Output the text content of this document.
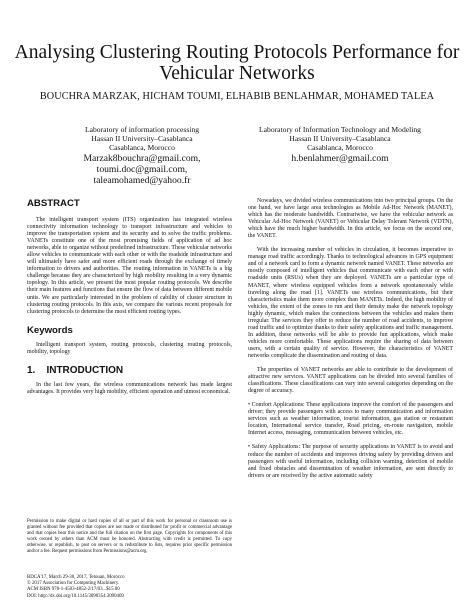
Analysing Clustering Routing Protocols Performance for
Vehicular Networks
BOUCHRA MARZAK, HICHAM TOUMI, ELHABIB BENLAHMAR, MOHAMED TALEA
Laboratory of information processing
Hassan II University–Casablanca
Casablanca, Morocco
Marzak8bouchra@gmail.com,
toumi.doc@gmail.com,
taleamohamed@yahoo.fr
Laboratory of Information Technology and Modeling
Hassan II University–Casablanca
Casablanca, Morocco
h.benlahmer@gmail.com
ABSTRACT

The intelligent transport system (ITS) organization has integrated wireless connectivity information technology to transport infrastructure and vehicles to improve the transportation system and its security and to solve the traffic problems. VANETs constitute one of the most promising fields of application of ad hoc networks, able to organize without predefined infrastructure. These vehicular networks allow vehicles to communicate with each other or with the roadside infrastructure and will ultimately have safer and more efficient roads through the exchange of timely information to drivers and authorities. The routing information in VANETs is a big challenge because they are characterized by high mobility resulting in a very dynamic topology. In this article, we present the most popular routing protocols. We describe their main features and functions that ensure the flow of data between different mobile units. We are particularly interested in the problem of cability of cluster structure in clustering routing protocols. In this axis, we compare the various recent proposals for clustering protocols to determine the most efficient routing types.

Keywords

Intelligent transport system, routing protocols, clustering routing protocols, mobility, topology

1.    INTRODUCTION

In the last few years, the wireless communications network has made largest advantages. It provides very high mobility, efficient operation and utmost economical.

Permission to make digital or hard copies of all or part of this work for personal or classroom use is granted without fee provided that copies are not made or distributed for profit or commercial advantage and that copies bear this notice and the full citation on the first page. Copyrights for components of this work owned by others than ACM must be honored. Abstracting with credit is permitted. To copy otherwise, or republish, to post on servers or to redistribute to lists, requires prior specific permission and/or a fee. Request permissions from Permissions@acm.org.
BDCA'17, March 29-30, 2017, Tetouan, Morocco
© 2017 Association for Computing Machinery.
ACM ISBN 978-1-4503-4852-2/17/03...$15.00
DOI: http://dx.doi.org/10.1145/3090354.3090469

Nowadays, we divided wireless communications into two principal groups. On the one hand, we have large area technologies as Mobile Ad-Hoc Network (MANET), which has the moderate bandwidth. Contrariwise, we have the vehicular network as Vehicular Ad-Hoc Network (VANET) or Vehicular Delay Tolerant Network (VDTN), which have the much higher bandwidth. In this article, we focus on the second one, the VANET.

With the increasing number of vehicles in circulation, it becomes imperative to manage road traffic accordingly. Thanks to technological advances in GPS equipment and of a network card to form a dynamic network named VANET. These networks are mostly composed of intelligent vehicles that communicate with each other or with roadside units (RSUs) when they are deployed. VANETs are a particular type of MANET, where wireless equipped vehicles from a network spontaneously while traveling along the road [1]. VANETs use wireless communications, but their characteristics make them more complex than MANETs. Indeed, the high mobility of vehicles, the extent of the zones to run and their density make the network topology highly dynamic, which makes the connections between the vehicles and makes them irregular. The services they offer to reduce the number of road accidents, to improve road traffic and to optimize thanks to their safety applications and traffic management. In addition, these networks will be able to provide fun applications, which make vehicles more comfortable. These applications require the sharing of data between users, with a certain quality of service. However, the characteristics of VANET networks complicate the dissemination and routing of data.

The properties of VANET networks are able to contribute to the development of attractive new services. VANET applications can be divided into several families of classifications. These classifications can vary into several categories depending on the degree of accuracy.

• Comfort Applications: These applications improve the comfort of the passengers and driver; they provide passengers with access to many communication and information services such as weather information, tourist information, gas station or restaurant location, International service transfer, Road pricing, en-route navigation, mobile Internet access, messaging, communication between vehicles, etc.

• Safety Applications: The purpose of security applications in VANET is to avoid and reduce the number of accidents and improves driving safety by providing drivers and passengers with useful information, including collision warning, detection of mobile and fixed obstacles and dissemination of weather information, are sent directly to drivers or are received by the active automatic safety
